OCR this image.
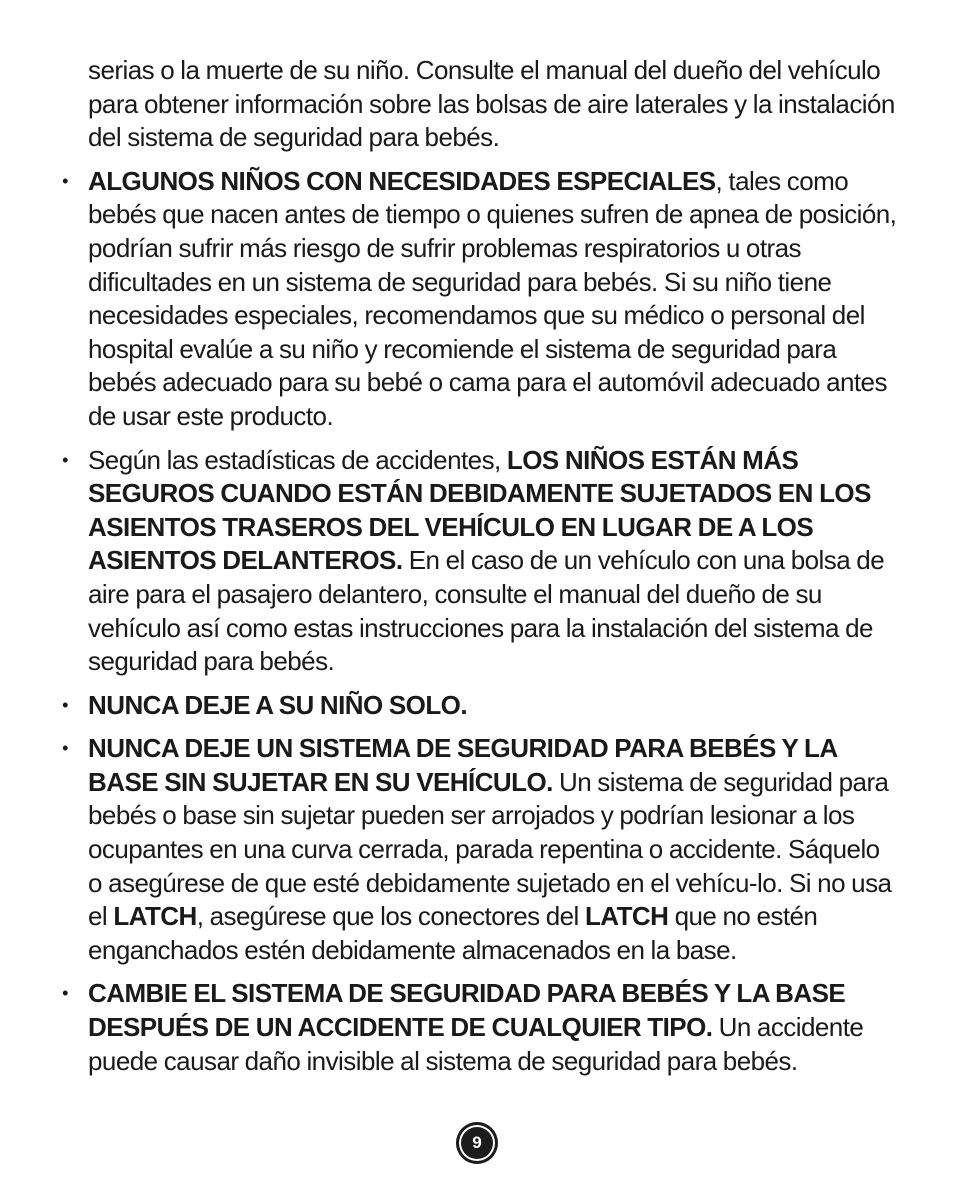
serias o la muerte de su niño. Consulte el manual del dueño del vehículo para obtener información sobre las bolsas de aire laterales y la instalación del sistema de seguridad para bebés.

• ALGUNOS NIÑOS CON NECESIDADES ESPECIALES, tales como bebés que nacen antes de tiempo o quienes sufren de apnea de posición, podrían sufrir más riesgo de sufrir problemas respiratorios u otras dificultades en un sistema de seguridad para bebés. Si su niño tiene necesidades especiales, recomendamos que su médico o personal del hospital evalúe a su niño y recomiende el sistema de seguridad para bebés adecuado para su bebé o cama para el automóvil adecuado antes de usar este producto.
• Según las estadísticas de accidentes, LOS NIÑOS ESTÁN MÁS SEGUROS CUANDO ESTÁN DEBIDAMENTE SUJETADOS EN LOS ASIENTOS TRASEROS DEL VEHÍCULO EN LUGAR DE A LOS ASIENTOS DELANTEROS. En el caso de un vehículo con una bolsa de aire para el pasajero delantero, consulte el manual del dueño de su vehículo así como estas instrucciones para la instalación del sistema de seguridad para bebés.
• NUNCA DEJE A SU NIÑO SOLO.
• NUNCA DEJE UN SISTEMA DE SEGURIDAD PARA BEBÉS Y LA BASE SIN SUJETAR EN SU VEHÍCULO. Un sistema de seguridad para bebés o base sin sujetar pueden ser arrojados y podrían lesionar a los ocupantes en una curva cerrada, parada repentina o accidente. Sáquelo o asegúrese de que esté debidamente sujetado en el vehícu-lo. Si no usa el LATCH, asegúrese que los conectores del LATCH que no estén enganchados estén debidamente almacenados en la base.
• CAMBIE EL SISTEMA DE SEGURIDAD PARA BEBÉS Y LA BASE DESPUÉS DE UN ACCIDENTE DE CUALQUIER TIPO. Un accidente puede causar daño invisible al sistema de seguridad para bebés.
9
